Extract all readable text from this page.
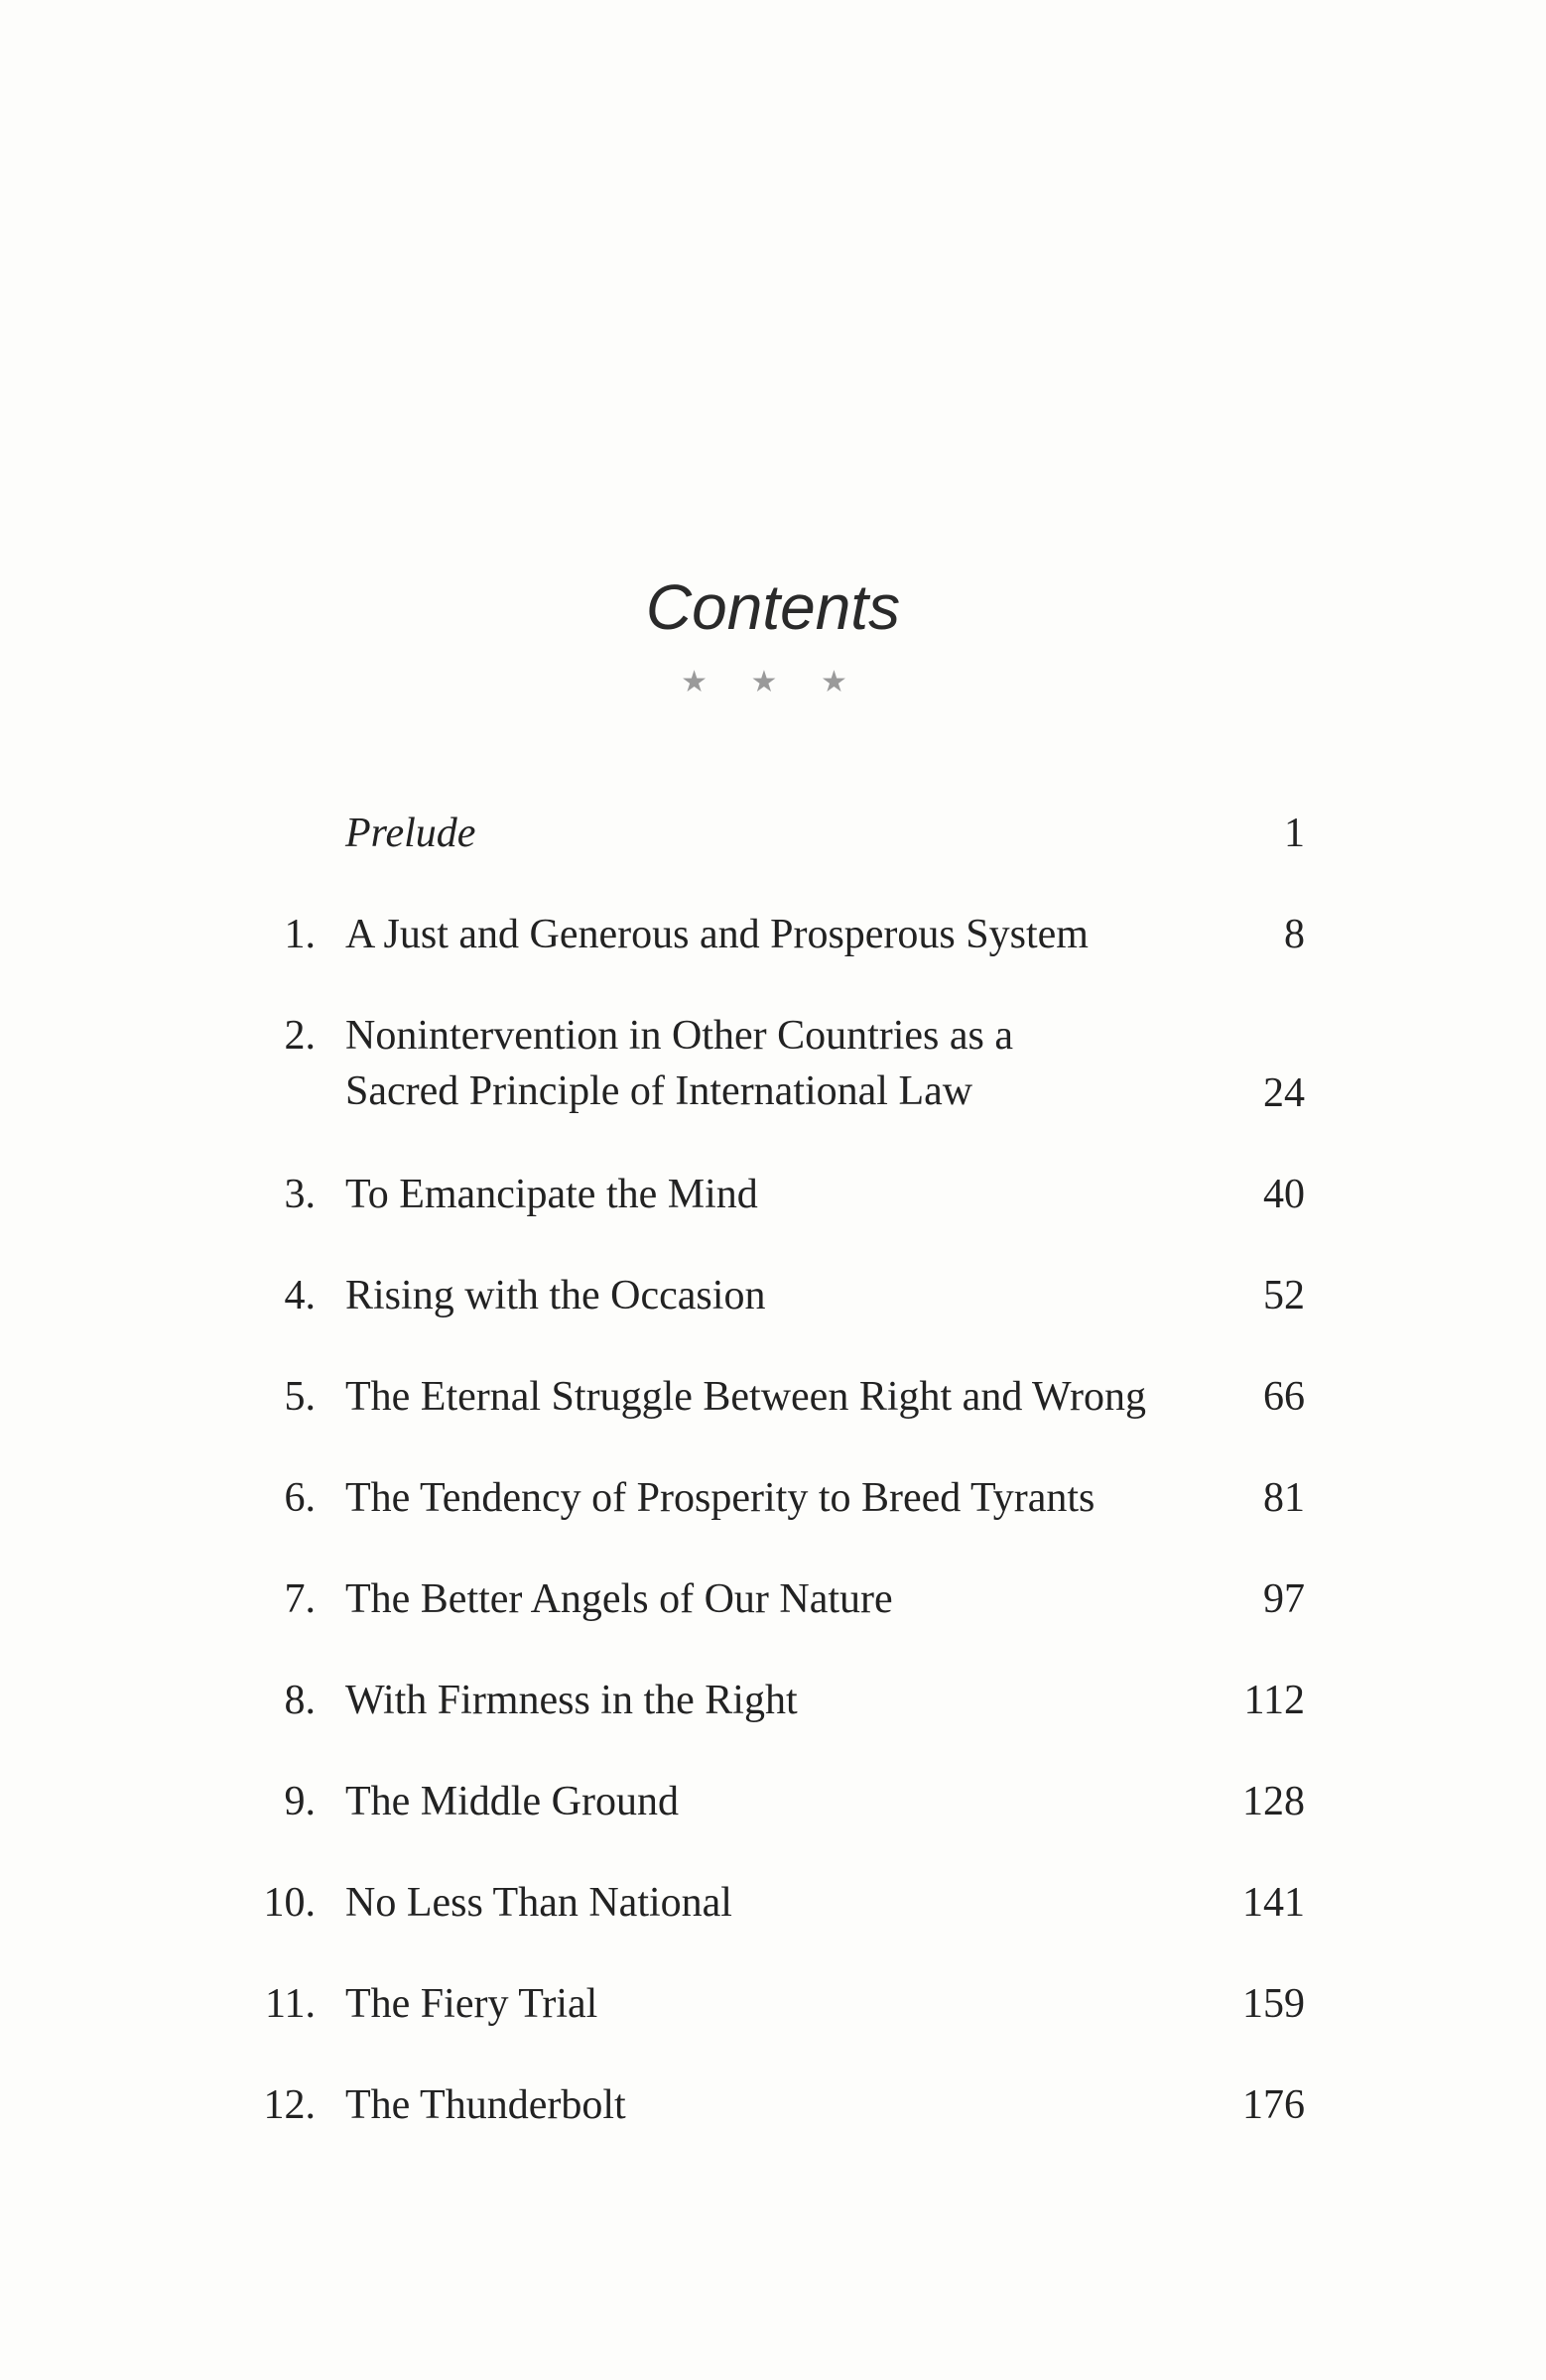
Contents
★ ★ ★
Prelude	1
1. A Just and Generous and Prosperous System	8
2. Nonintervention in Other Countries as a
Sacred Principle of International Law	24
3. To Emancipate the Mind	40
4. Rising with the Occasion	52
5. The Eternal Struggle Between Right and Wrong	66
6. The Tendency of Prosperity to Breed Tyrants	81
7. The Better Angels of Our Nature	97
8. With Firmness in the Right	112
9. The Middle Ground	128
10. No Less Than National	141
11. The Fiery Trial	159
12. The Thunderbolt	176
